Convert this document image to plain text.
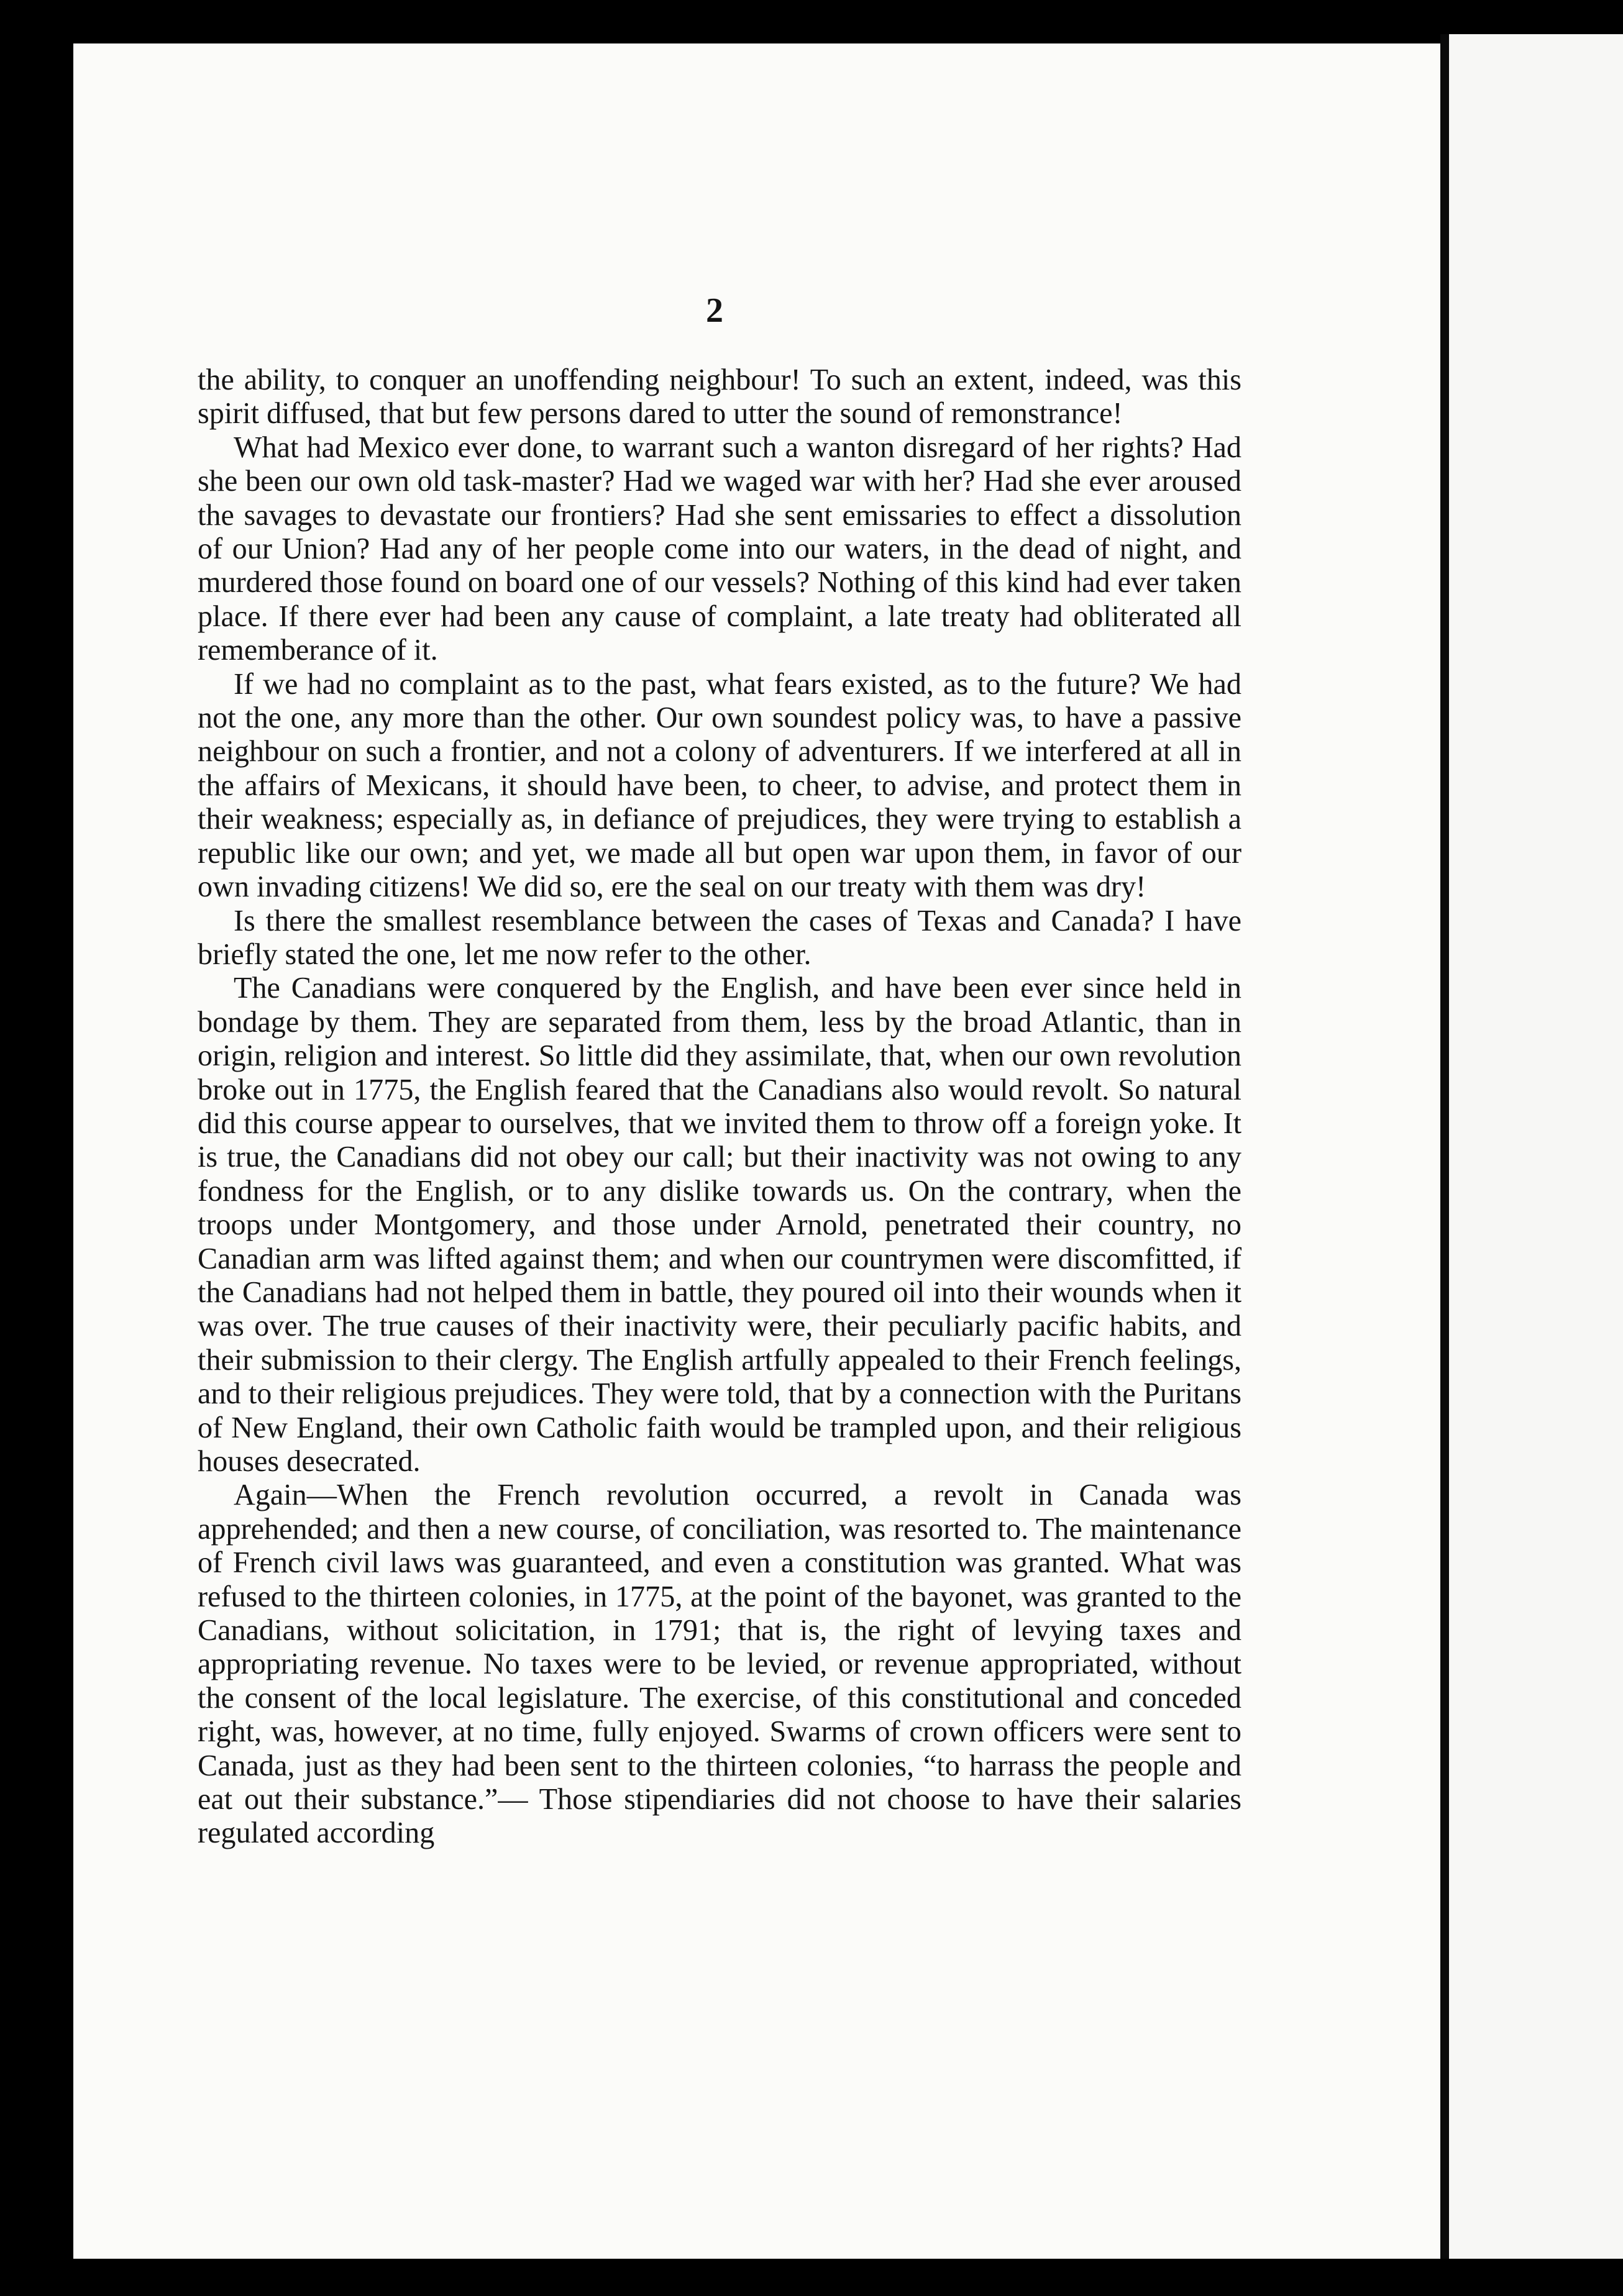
2

the ability, to conquer an unoffending neighbour! To such an extent, indeed, was this spirit diffused, that but few persons dared to utter the sound of remonstrance!

What had Mexico ever done, to warrant such a wanton disregard of her rights? Had she been our own old task-master? Had we waged war with her? Had she ever aroused the savages to devastate our frontiers? Had she sent emissaries to effect a dissolution of our Union? Had any of her people come into our waters, in the dead of night, and murdered those found on board one of our vessels? Nothing of this kind had ever taken place. If there ever had been any cause of complaint, a late treaty had obliterated all rememberance of it.

If we had no complaint as to the past, what fears existed, as to the future? We had not the one, any more than the other. Our own soundest policy was, to have a passive neighbour on such a frontier, and not a colony of adventurers. If we interfered at all in the affairs of Mexicans, it should have been, to cheer, to advise, and protect them in their weakness; especially as, in defiance of prejudices, they were trying to establish a republic like our own; and yet, we made all but open war upon them, in favor of our own invading citizens! We did so, ere the seal on our treaty with them was dry!

Is there the smallest resemblance between the cases of Texas and Canada? I have briefly stated the one, let me now refer to the other.

The Canadians were conquered by the English, and have been ever since held in bondage by them. They are separated from them, less by the broad Atlantic, than in origin, religion and interest. So little did they assimilate, that, when our own revolution broke out in 1775, the English feared that the Canadians also would revolt. So natural did this course appear to ourselves, that we invited them to throw off a foreign yoke. It is true, the Canadians did not obey our call; but their inactivity was not owing to any fondness for the English, or to any dislike towards us. On the contrary, when the troops under Montgomery, and those under Arnold, penetrated their country, no Canadian arm was lifted against them; and when our countrymen were discomfitted, if the Canadians had not helped them in battle, they poured oil into their wounds when it was over. The true causes of their inactivity were, their peculiarly pacific habits, and their submission to their clergy. The English artfully appealed to their French feelings, and to their religious prejudices. They were told, that by a connection with the Puritans of New England, their own Catholic faith would be trampled upon, and their religious houses desecrated.

Again—When the French revolution occurred, a revolt in Canada was apprehended; and then a new course, of conciliation, was resorted to. The maintenance of French civil laws was guaranteed, and even a constitution was granted. What was refused to the thirteen colonies, in 1775, at the point of the bayonet, was granted to the Canadians, without solicitation, in 1791; that is, the right of levying taxes and appropriating revenue. No taxes were to be levied, or revenue appropriated, without the consent of the local legislature. The exercise, of this constitutional and conceded right, was, however, at no time, fully enjoyed. Swarms of crown officers were sent to Canada, just as they had been sent to the thirteen colonies, “to harrass the people and eat out their substance.”— Those stipendiaries did not choose to have their salaries regulated according
